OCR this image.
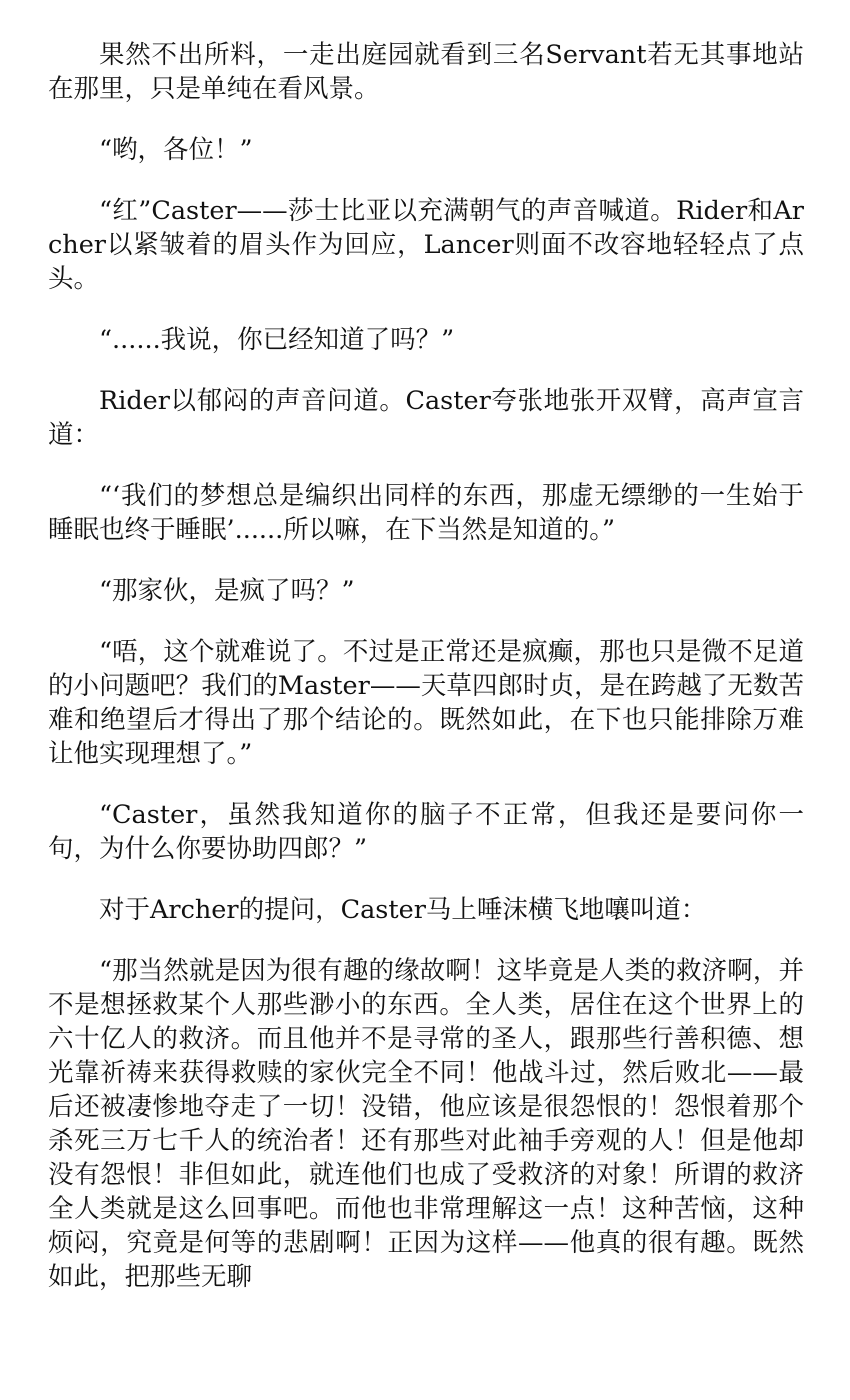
果然不出所料，一走出庭园就看到三名Servant若无其事地站在那里，只是单纯在看风景。

“哟，各位！”

“红”Caster——莎士比亚以充满朝气的声音喊道。Rider和Archer以紧皱着的眉头作为回应，Lancer则面不改容地轻轻点了点头。

“......我说，你已经知道了吗？”

Rider以郁闷的声音问道。Caster夸张地张开双臂，高声宣言道：

“‘我们的梦想总是编织出同样的东西，那虚无缥缈的一生始于睡眠也终于睡眠’......所以嘛，在下当然是知道的。”

“那家伙，是疯了吗？”

“唔，这个就难说了。不过是正常还是疯癫，那也只是微不足道的小问题吧？我们的Master——天草四郎时贞，是在跨越了无数苦难和绝望后才得出了那个结论的。既然如此，在下也只能排除万难让他实现理想了。”

“Caster，虽然我知道你的脑子不正常，但我还是要问你一句，为什么你要协助四郎？”

对于Archer的提问，Caster马上唾沫横飞地嚷叫道：

“那当然就是因为很有趣的缘故啊！这毕竟是人类的救济啊，并不是想拯救某个人那些渺小的东西。全人类，居住在这个世界上的六十亿人的救济。而且他并不是寻常的圣人，跟那些行善积德、想光靠祈祷来获得救赎的家伙完全不同！他战斗过，然后败北——最后还被凄惨地夺走了一切！没错，他应该是很怨恨的！怨恨着那个杀死三万七千人的统治者！还有那些对此袖手旁观的人！但是他却没有怨恨！非但如此，就连他们也成了受救济的对象！所谓的救济全人类就是这么回事吧。而他也非常理解这一点！这种苦恼，这种烦闷，究竟是何等的悲剧啊！正因为这样——他真的很有趣。既然如此，把那些无聊
